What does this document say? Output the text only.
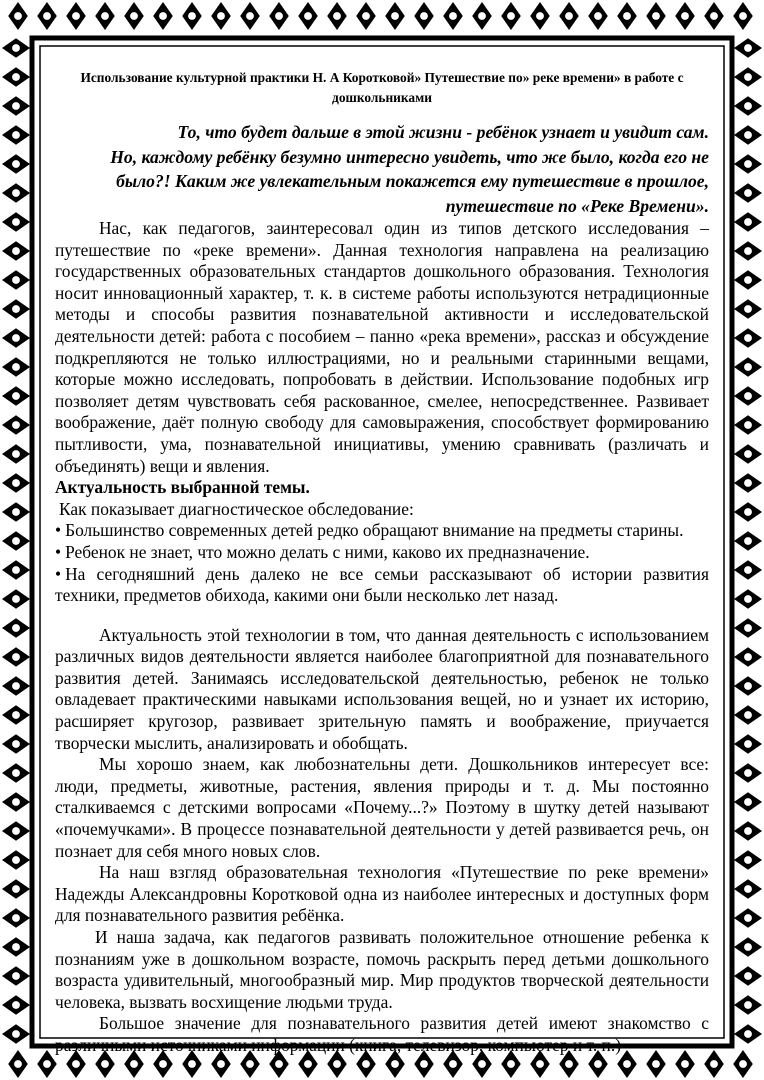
Использование культурной практики Н. А Коротковой» Путешествие по» реке времени» в работе с дошкольниками
То, что будет дальше в этой жизни - ребёнок узнает и увидит сам.
Но, каждому ребёнку безумно интересно увидеть, что же было, когда его не
было?! Каким же увлекательным покажется ему путешествие в прошлое,
путешествие по «Реке Времени».

Нас, как педагогов, заинтересовал один из типов детского исследования – путешествие по «реке времени». Данная технология направлена на реализацию государственных образовательных стандартов дошкольного образования. Технология носит инновационный характер, т. к. в системе работы используются нетрадиционные методы и способы развития познавательной активности и исследовательской деятельности детей: работа с пособием – панно «река времени», рассказ и обсуждение подкрепляются не только иллюстрациями, но и реальными старинными вещами, которые можно исследовать, попробовать в действии. Использование подобных игр позволяет детям чувствовать себя раскованное, смелее, непосредственнее. Развивает воображение, даёт полную свободу для самовыражения, способствует формированию пытливости, ума, познавательной инициативы, умению сравнивать (различать и объединять) вещи и явления.

Актуальность выбранной темы.
Как показывает диагностическое обследование:
• Большинство современных детей редко обращают внимание на предметы старины.
• Ребенок не знает, что можно делать с ними, каково их предназначение.
• На сегодняшний день далеко не все семьи рассказывают об истории развития техники, предметов обихода, какими они были несколько лет назад.

Актуальность этой технологии в том, что данная деятельность с использованием различных видов деятельности является наиболее благоприятной для познавательного развития детей. Занимаясь исследовательской деятельностью, ребенок не только овладевает практическими навыками использования вещей, но и узнает их историю, расширяет кругозор, развивает зрительную память и воображение, приучается творчески мыслить, анализировать и обобщать.

Мы хорошо знаем, как любознательны дети. Дошкольников интересует все: люди, предметы, животные, растения, явления природы и т. д. Мы постоянно сталкиваемся с детскими вопросами «Почему...?» Поэтому в шутку детей называют «почемучками». В процессе познавательной деятельности у детей развивается речь, он познает для себя много новых слов.

На наш взгляд образовательная технология «Путешествие по реке времени» Надежды Александровны Коротковой одна из наиболее интересных и доступных форм для познавательного развития ребёнка.

И наша задача, как педагогов развивать положительное отношение ребенка к познаниям уже в дошкольном возрасте, помочь раскрыть перед детьми дошкольного возраста удивительный, многообразный мир. Мир продуктов творческой деятельности человека, вызвать восхищение людьми труда.

Большое значение для познавательного развития детей имеют знакомство с различными источниками информации (книга, телевизор, компьютер и т. п.)
